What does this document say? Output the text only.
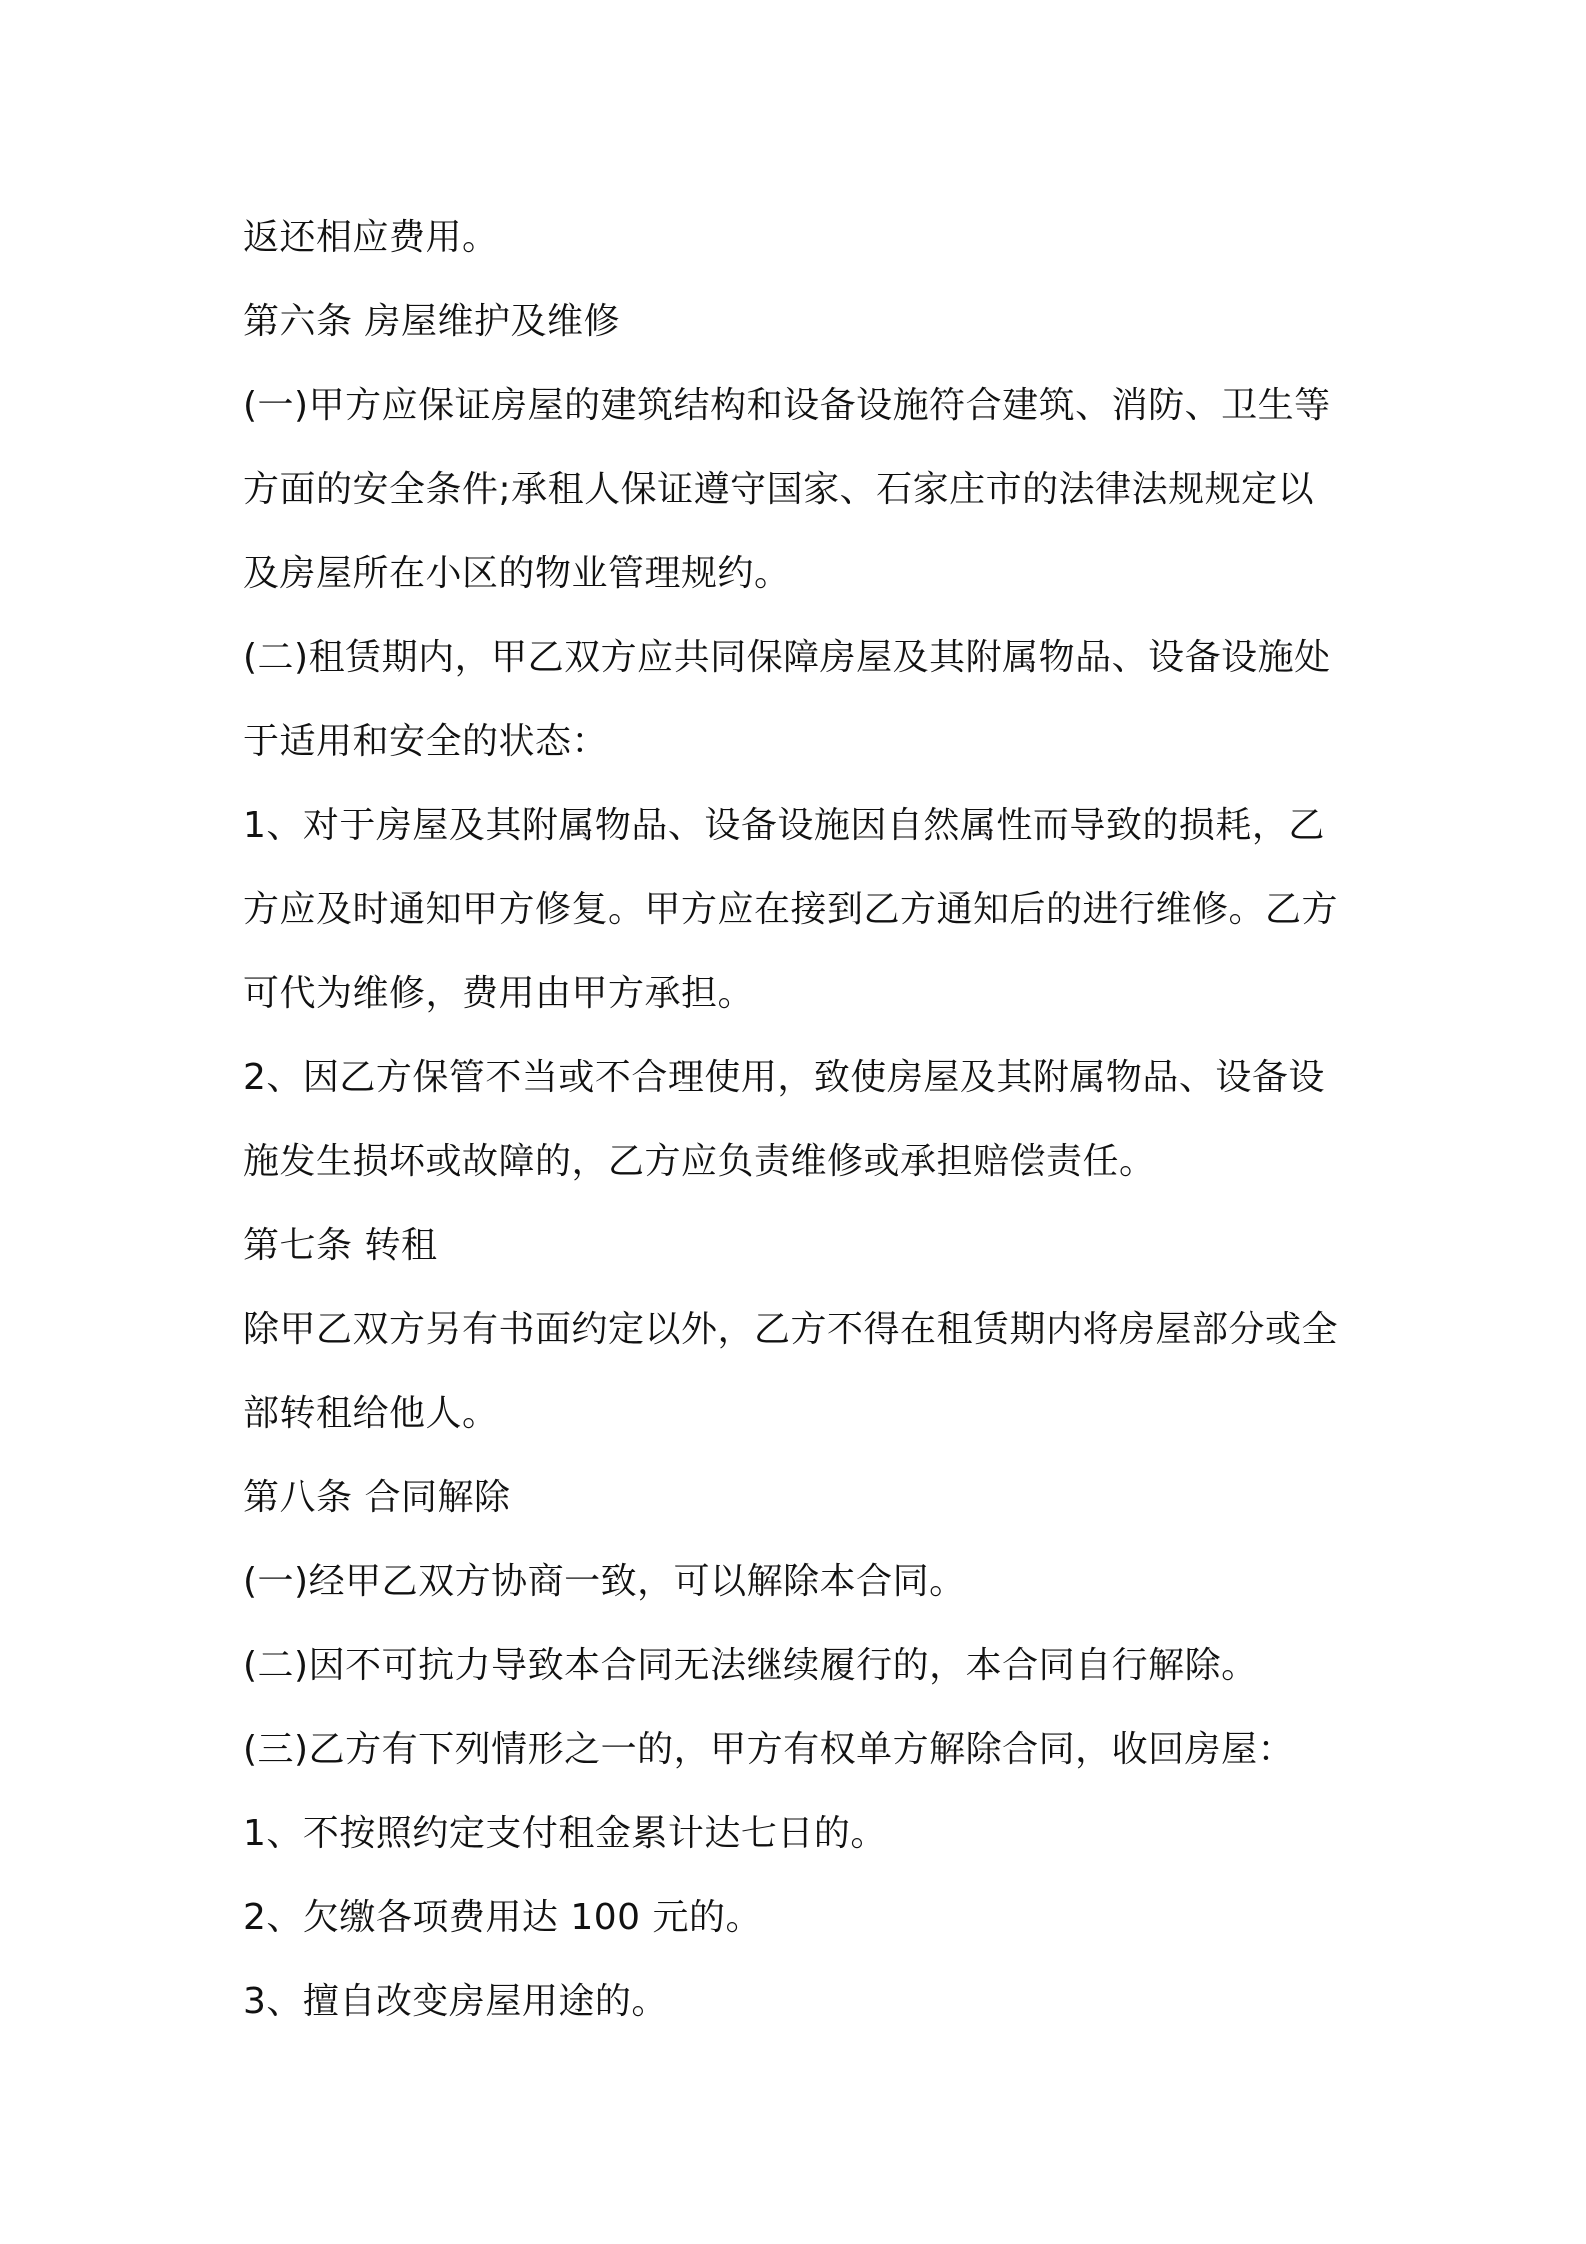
返还相应费用。
第六条 房屋维护及维修
(一)甲方应保证房屋的建筑结构和设备设施符合建筑、消防、卫生等
方面的安全条件;承租人保证遵守国家、石家庄市的法律法规规定以
及房屋所在小区的物业管理规约。
(二)租赁期内，甲乙双方应共同保障房屋及其附属物品、设备设施处
于适用和安全的状态：
1、对于房屋及其附属物品、设备设施因自然属性而导致的损耗，乙
方应及时通知甲方修复。甲方应在接到乙方通知后的进行维修。乙方
可代为维修，费用由甲方承担。
2、因乙方保管不当或不合理使用，致使房屋及其附属物品、设备设
施发生损坏或故障的，乙方应负责维修或承担赔偿责任。
第七条 转租
除甲乙双方另有书面约定以外，乙方不得在租赁期内将房屋部分或全
部转租给他人。
第八条 合同解除
(一)经甲乙双方协商一致，可以解除本合同。
(二)因不可抗力导致本合同无法继续履行的，本合同自行解除。
(三)乙方有下列情形之一的，甲方有权单方解除合同，收回房屋：
1、不按照约定支付租金累计达七日的。
2、欠缴各项费用达 100 元的。
3、擅自改变房屋用途的。
